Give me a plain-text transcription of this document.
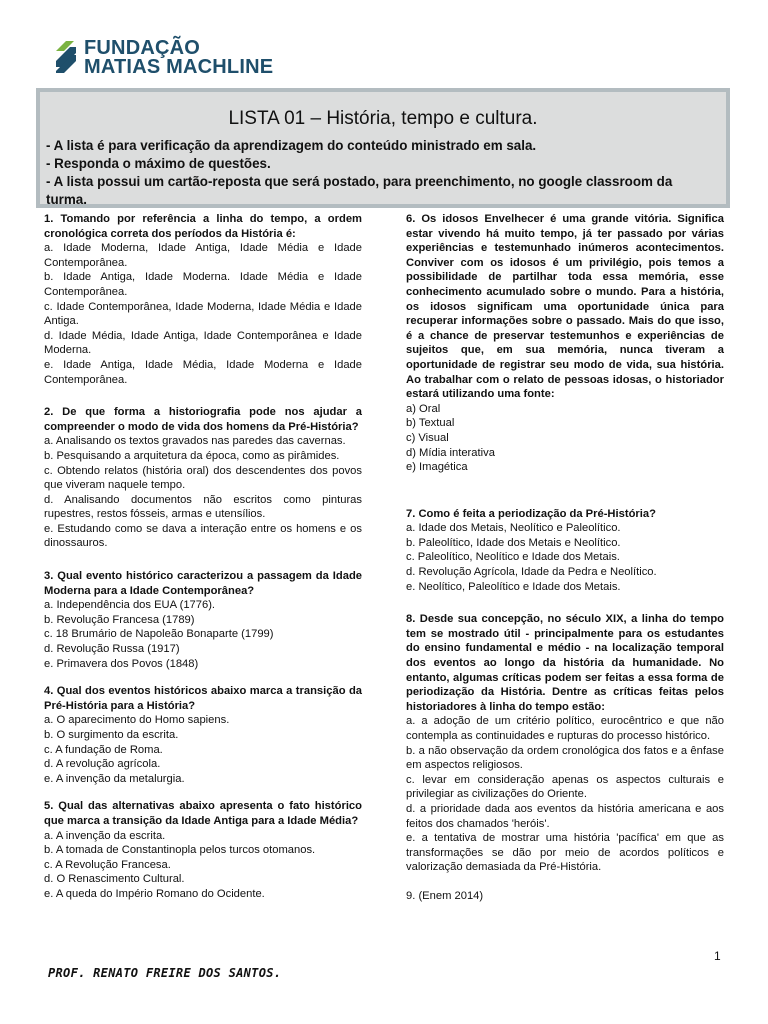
FUNDAÇÃO
MATIAS MACHLINE
LISTA 01 – História, tempo e cultura.
- A lista é para verificação da aprendizagem do conteúdo ministrado em sala.
- Responda o máximo de questões.
- A lista possui um cartão-reposta que será postado, para preenchimento, no google classroom da turma.
1. Tomando por referência a linha do tempo, a ordem cronológica correta dos períodos da História é:
a. Idade Moderna, Idade Antiga, Idade Média e Idade Contemporânea.
b. Idade Antiga, Idade Moderna. Idade Média e Idade Contemporânea.
c. Idade Contemporânea, Idade Moderna, Idade Média e Idade Antiga.
d. Idade Média, Idade Antiga, Idade Contemporânea e Idade Moderna.
e. Idade Antiga, Idade Média, Idade Moderna e Idade Contemporânea.
2. De que forma a historiografia pode nos ajudar a compreender o modo de vida dos homens da Pré-História?
a. Analisando os textos gravados nas paredes das cavernas.
b. Pesquisando a arquitetura da época, como as pirâmides.
c. Obtendo relatos (história oral) dos descendentes dos povos que viveram naquele tempo.
d. Analisando documentos não escritos como pinturas rupestres, restos fósseis, armas e utensílios.
e. Estudando como se dava a interação entre os homens e os dinossauros.
3. Qual evento histórico caracterizou a passagem da Idade Moderna para a Idade Contemporânea?
a. Independência dos EUA (1776).
b. Revolução Francesa (1789)
c. 18 Brumário de Napoleão Bonaparte (1799)
d. Revolução Russa (1917)
e. Primavera dos Povos (1848)
4. Qual dos eventos históricos abaixo marca a transição da Pré-História para a História?
a. O aparecimento do Homo sapiens.
b. O surgimento da escrita.
c. A fundação de Roma.
d. A revolução agrícola.
e. A invenção da metalurgia.
5. Qual das alternativas abaixo apresenta o fato histórico que marca a transição da Idade Antiga para a Idade Média?
a. A invenção da escrita.
b. A tomada de Constantinopla pelos turcos otomanos.
c. A Revolução Francesa.
d. O Renascimento Cultural.
e. A queda do Império Romano do Ocidente.
6. Os idosos Envelhecer é uma grande vitória. Significa estar vivendo há muito tempo, já ter passado por várias experiências e testemunhado inúmeros acontecimentos. Conviver com os idosos é um privilégio, pois temos a possibilidade de partilhar toda essa memória, esse conhecimento acumulado sobre o mundo. Para a história, os idosos significam uma oportunidade única para recuperar informações sobre o passado. Mais do que isso, é a chance de preservar testemunhos e experiências de sujeitos que, em sua memória, nunca tiveram a oportunidade de registrar seu modo de vida, sua história. Ao trabalhar com o relato de pessoas idosas, o historiador estará utilizando uma fonte:
a) Oral
b) Textual
c) Visual
d) Mídia interativa
e) Imagética
7. Como é feita a periodização da Pré-História?
a. Idade dos Metais, Neolítico e Paleolítico.
b. Paleolítico, Idade dos Metais e Neolítico.
c. Paleolítico, Neolítico e Idade dos Metais.
d. Revolução Agrícola, Idade da Pedra e Neolítico.
e. Neolítico, Paleolítico e Idade dos Metais.
8. Desde sua concepção, no século XIX, a linha do tempo tem se mostrado útil - principalmente para os estudantes do ensino fundamental e médio - na localização temporal dos eventos ao longo da história da humanidade. No entanto, algumas críticas podem ser feitas a essa forma de periodização da História. Dentre as críticas feitas pelos historiadores à linha do tempo estão:
a. a adoção de um critério político, eurocêntrico e que não contempla as continuidades e rupturas do processo histórico.
b. a não observação da ordem cronológica dos fatos e a ênfase em aspectos religiosos.
c. levar em consideração apenas os aspectos culturais e privilegiar as civilizações do Oriente.
d. a prioridade dada aos eventos da história americana e aos feitos dos chamados 'heróis'.
e. a tentativa de mostrar uma história 'pacífica' em que as transformações se dão por meio de acordos políticos e valorização demasiada da Pré-História.
9. (Enem 2014)
1
PROF. RENATO FREIRE DOS SANTOS.
